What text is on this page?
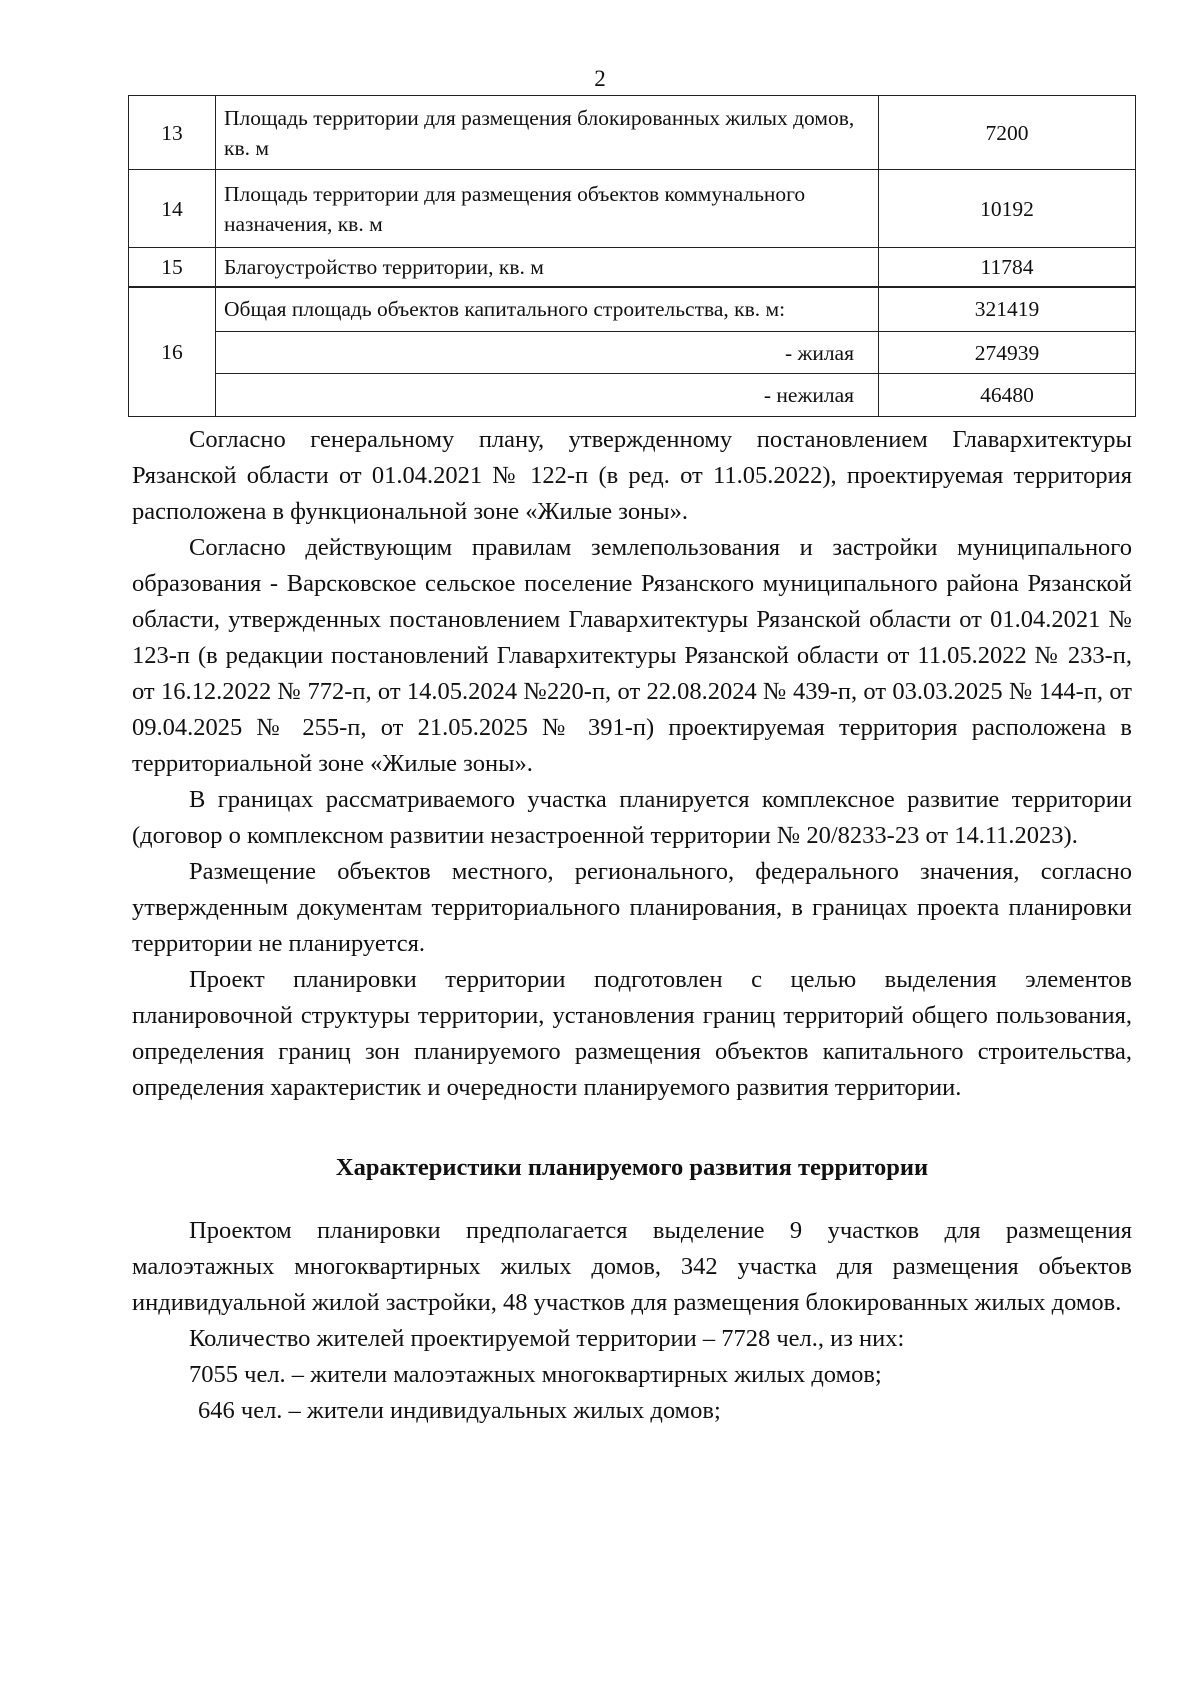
2
13	Площадь территории для размещения блокированных жилых домов, кв. м	7200
14	Площадь территории для размещения объектов коммунального назначения, кв. м	10192
15	Благоустройство территории, кв. м	11784
16	Общая площадь объектов капитального строительства, кв. м:	321419
	- жилая	274939
	- нежилая	46480

Согласно генеральному плану, утвержденному постановлением Главархитектуры Рязанской области от 01.04.2021 № 122-п (в ред. от 11.05.2022), проектируемая территория расположена в функциональной зоне «Жилые зоны».

Согласно действующим правилам землепользования и застройки муниципального образования - Варсковское сельское поселение Рязанского муниципального района Рязанской области, утвержденных постановлением Главархитектуры Рязанской области от 01.04.2021 № 123-п (в редакции постановлений Главархитектуры Рязанской области от 11.05.2022 № 233-п, от 16.12.2022 № 772-п, от 14.05.2024 №220-п, от 22.08.2024 № 439-п, от 03.03.2025 № 144-п, от 09.04.2025 № 255-п, от 21.05.2025 № 391-п) проектируемая территория расположена в территориальной зоне «Жилые зоны».

В границах рассматриваемого участка планируется комплексное развитие территории (договор о комплексном развитии незастроенной территории № 20/8233-23 от 14.11.2023).

Размещение объектов местного, регионального, федерального значения, согласно утвержденным документам территориального планирования, в границах проекта планировки территории не планируется.

Проект планировки территории подготовлен с целью выделения элементов планировочной структуры территории, установления границ территорий общего пользования, определения границ зон планируемого размещения объектов капитального строительства, определения характеристик и очередности планируемого развития территории.

Характеристики планируемого развития территории

Проектом планировки предполагается выделение 9 участков для размещения малоэтажных многоквартирных жилых домов, 342 участка для размещения объектов индивидуальной жилой застройки, 48 участков для размещения блокированных жилых домов.

Количество жителей проектируемой территории – 7728 чел., из них:

7055 чел. – жители малоэтажных многоквартирных жилых домов;

646 чел. – жители индивидуальных жилых домов;
